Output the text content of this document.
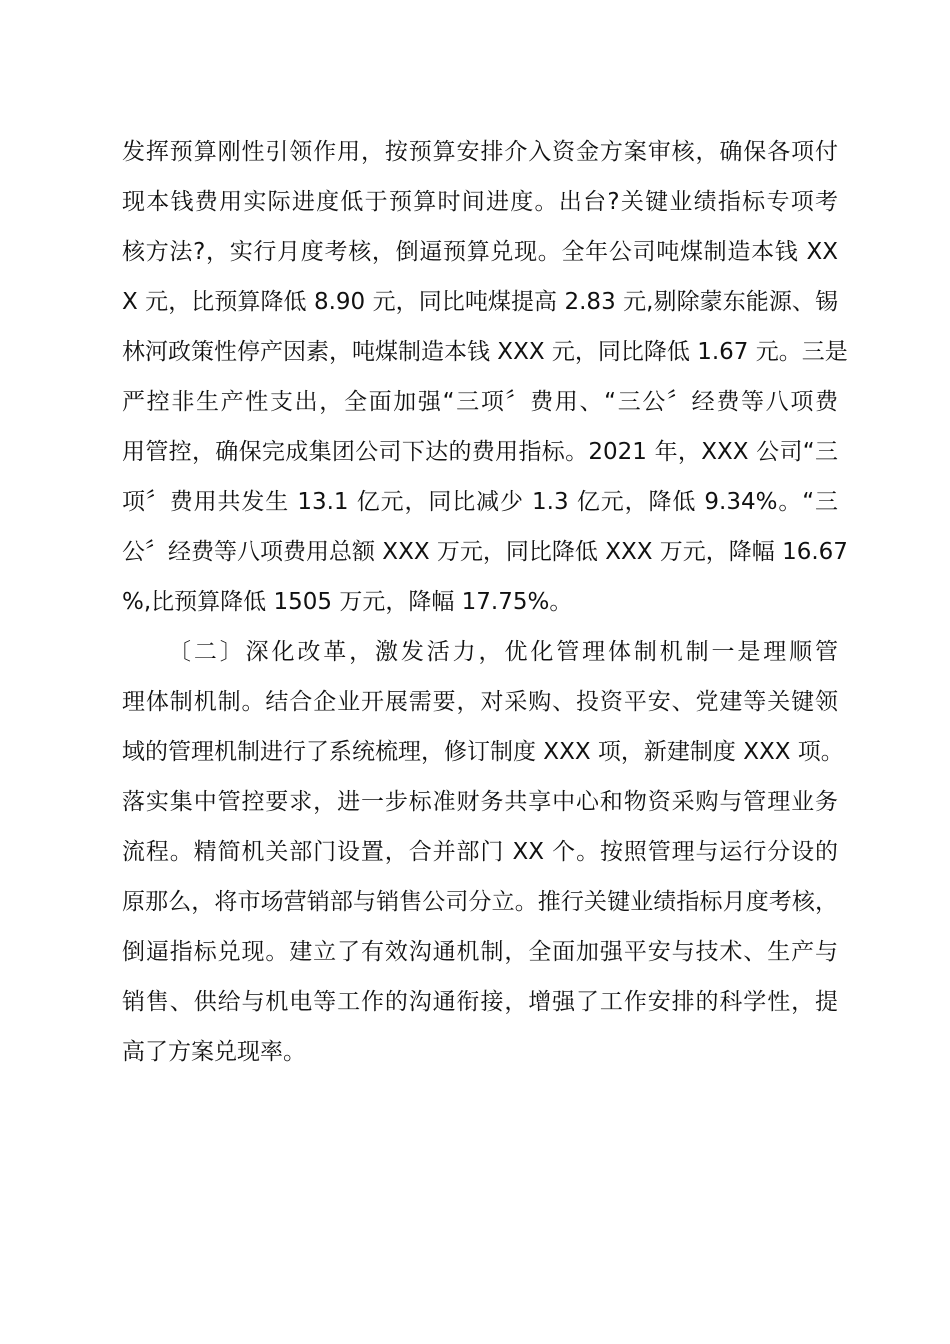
发挥预算刚性引领作用，按预算安排介入资金方案审核，确保各项付
现本钱费用实际进度低于预算时间进度。出台?关键业绩指标专项考
核方法?，实行月度考核，倒逼预算兑现。全年公司吨煤制造本钱 XX
X 元，比预算降低 8.90 元，同比吨煤提高 2.83 元,剔除蒙东能源、锡
林河政策性停产因素，吨煤制造本钱 XXX 元，同比降低 1.67 元。三是
严控非生产性支出，全面加强“三项〞费用、“三公〞经费等八项费
用管控，确保完成集团公司下达的费用指标。2021 年，XXX 公司“三
项〞费用共发生 13.1 亿元，同比减少 1.3 亿元，降低 9.34%。“三
公〞经费等八项费用总额 XXX 万元，同比降低 XXX 万元，降幅 16.67
%,比预算降低 1505 万元，降幅 17.75%。
〔二〕深化改革，激发活力，优化管理体制机制一是理顺管
理体制机制。结合企业开展需要，对采购、投资平安、党建等关键领
域的管理机制进行了系统梳理，修订制度 XXX 项，新建制度 XXX 项。
落实集中管控要求，进一步标准财务共享中心和物资采购与管理业务
流程。精简机关部门设置，合并部门 XX 个。按照管理与运行分设的
原那么，将市场营销部与销售公司分立。推行关键业绩指标月度考核，
倒逼指标兑现。建立了有效沟通机制，全面加强平安与技术、生产与
销售、供给与机电等工作的沟通衔接，增强了工作安排的科学性，提
高了方案兑现率。
